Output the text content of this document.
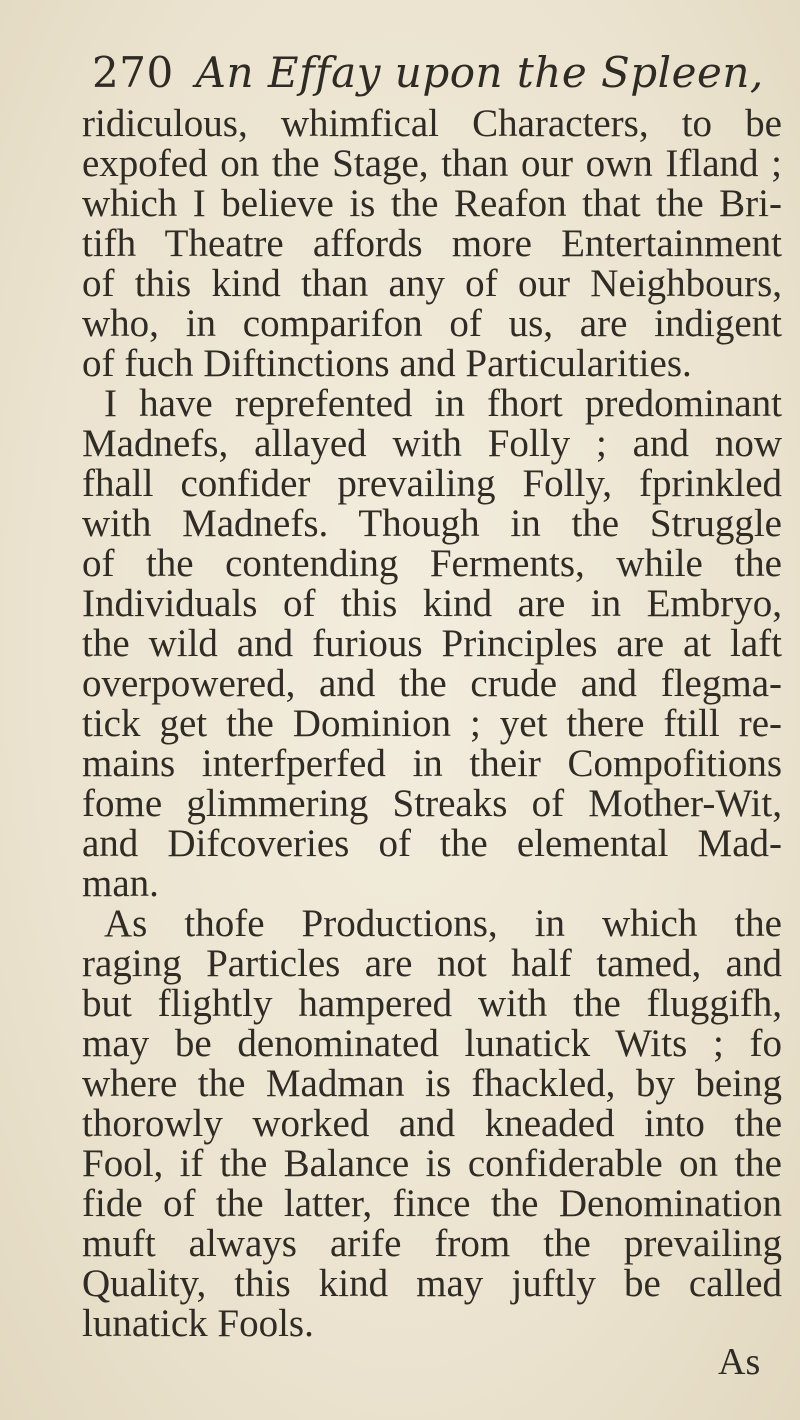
270 An Effay upon the Spleen,
ridiculous, whimfical Characters, to be
expofed on the Stage, than our own Ifland ;
which I believe is the Reafon that the Bri-
tifh Theatre affords more Entertainment
of this kind than any of our Neighbours,
who, in comparifon of us, are indigent
of fuch Diftinctions and Particularities.
I have reprefented in fhort predominant
Madnefs, allayed with Folly ; and now
fhall confider prevailing Folly, fprinkled
with Madnefs. Though in the Struggle
of the contending Ferments, while the
Individuals of this kind are in Embryo,
the wild and furious Principles are at laft
overpowered, and the crude and flegma-
tick get the Dominion ; yet there ftill re-
mains interfperfed in their Compofitions
fome glimmering Streaks of Mother-Wit,
and Difcoveries of the elemental Mad-
man.
As thofe Productions, in which the
raging Particles are not half tamed, and
but flightly hampered with the fluggifh,
may be denominated lunatick Wits ; fo
where the Madman is fhackled, by being
thorowly worked and kneaded into the
Fool, if the Balance is confiderable on the
fide of the latter, fince the Denomination
muft always arife from the prevailing
Quality, this kind may juftly be called
lunatick Fools.
As
